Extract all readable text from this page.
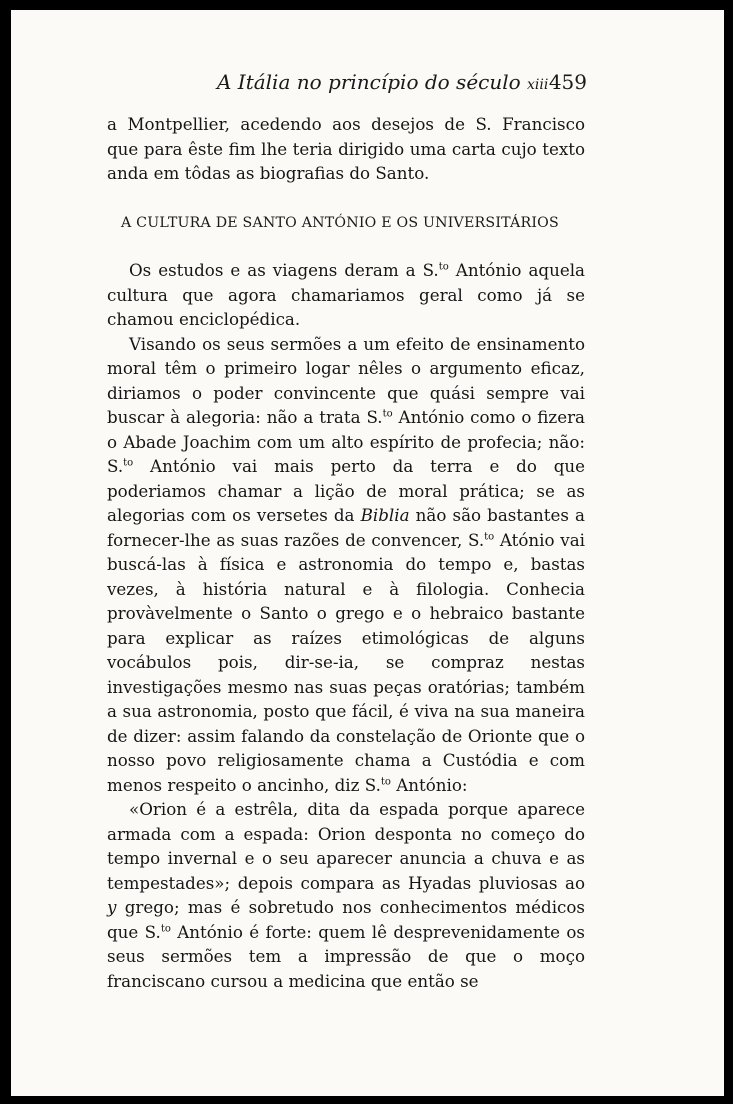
A Itália no princípio do século xiii 459

a Montpellier, acedendo aos desejos de S. Francisco que para êste fim lhe teria dirigido uma carta cujo texto anda em tôdas as biografias do Santo.

A CULTURA DE SANTO ANTÓNIO E OS UNIVERSITÁRIOS

Os estudos e as viagens deram a S.$^{to}$ António aquela cultura que agora chamariamos geral como já se chamou enciclopédica.

Visando os seus sermões a um efeito de ensinamento moral têm o primeiro logar nêles o argumento eficaz, diriamos o poder convincente que quási sempre vai buscar à alegoria: não a trata S.$^{to}$ António como o fizera o Abade Joachim com um alto espírito de profecia; não: S.$^{to}$ António vai mais perto da terra e do que poderiamos chamar a lição de moral prática; se as alegorias com os versetes da Biblia não são bastantes a fornecer-lhe as suas razões de convencer, S.$^{to}$ Atónio vai buscá-las à física e astronomia do tempo e, bastas vezes, à história natural e à filologia. Conhecia provàvelmente o Santo o grego e o hebraico bastante para explicar as raízes etimológicas de alguns vocábulos pois, dir-se-ia, se compraz nestas investigações mesmo nas suas peças oratórias; também a sua astronomia, posto que fácil, é viva na sua maneira de dizer: assim falando da constelação de Orionte que o nosso povo religiosamente chama a Custódia e com menos respeito o ancinho, diz S.$^{to}$ António:

«Orion é a estrêla, dita da espada porque aparece armada com a espada: Orion desponta no começo do tempo invernal e o seu aparecer anuncia a chuva e as tempestades»; depois compara as Hyadas pluviosas ao y grego; mas é sobretudo nos conhecimentos médicos que S.$^{to}$ António é forte: quem lê desprevenidamente os seus sermões tem a impressão de que o moço franciscano cursou a medicina que então se
